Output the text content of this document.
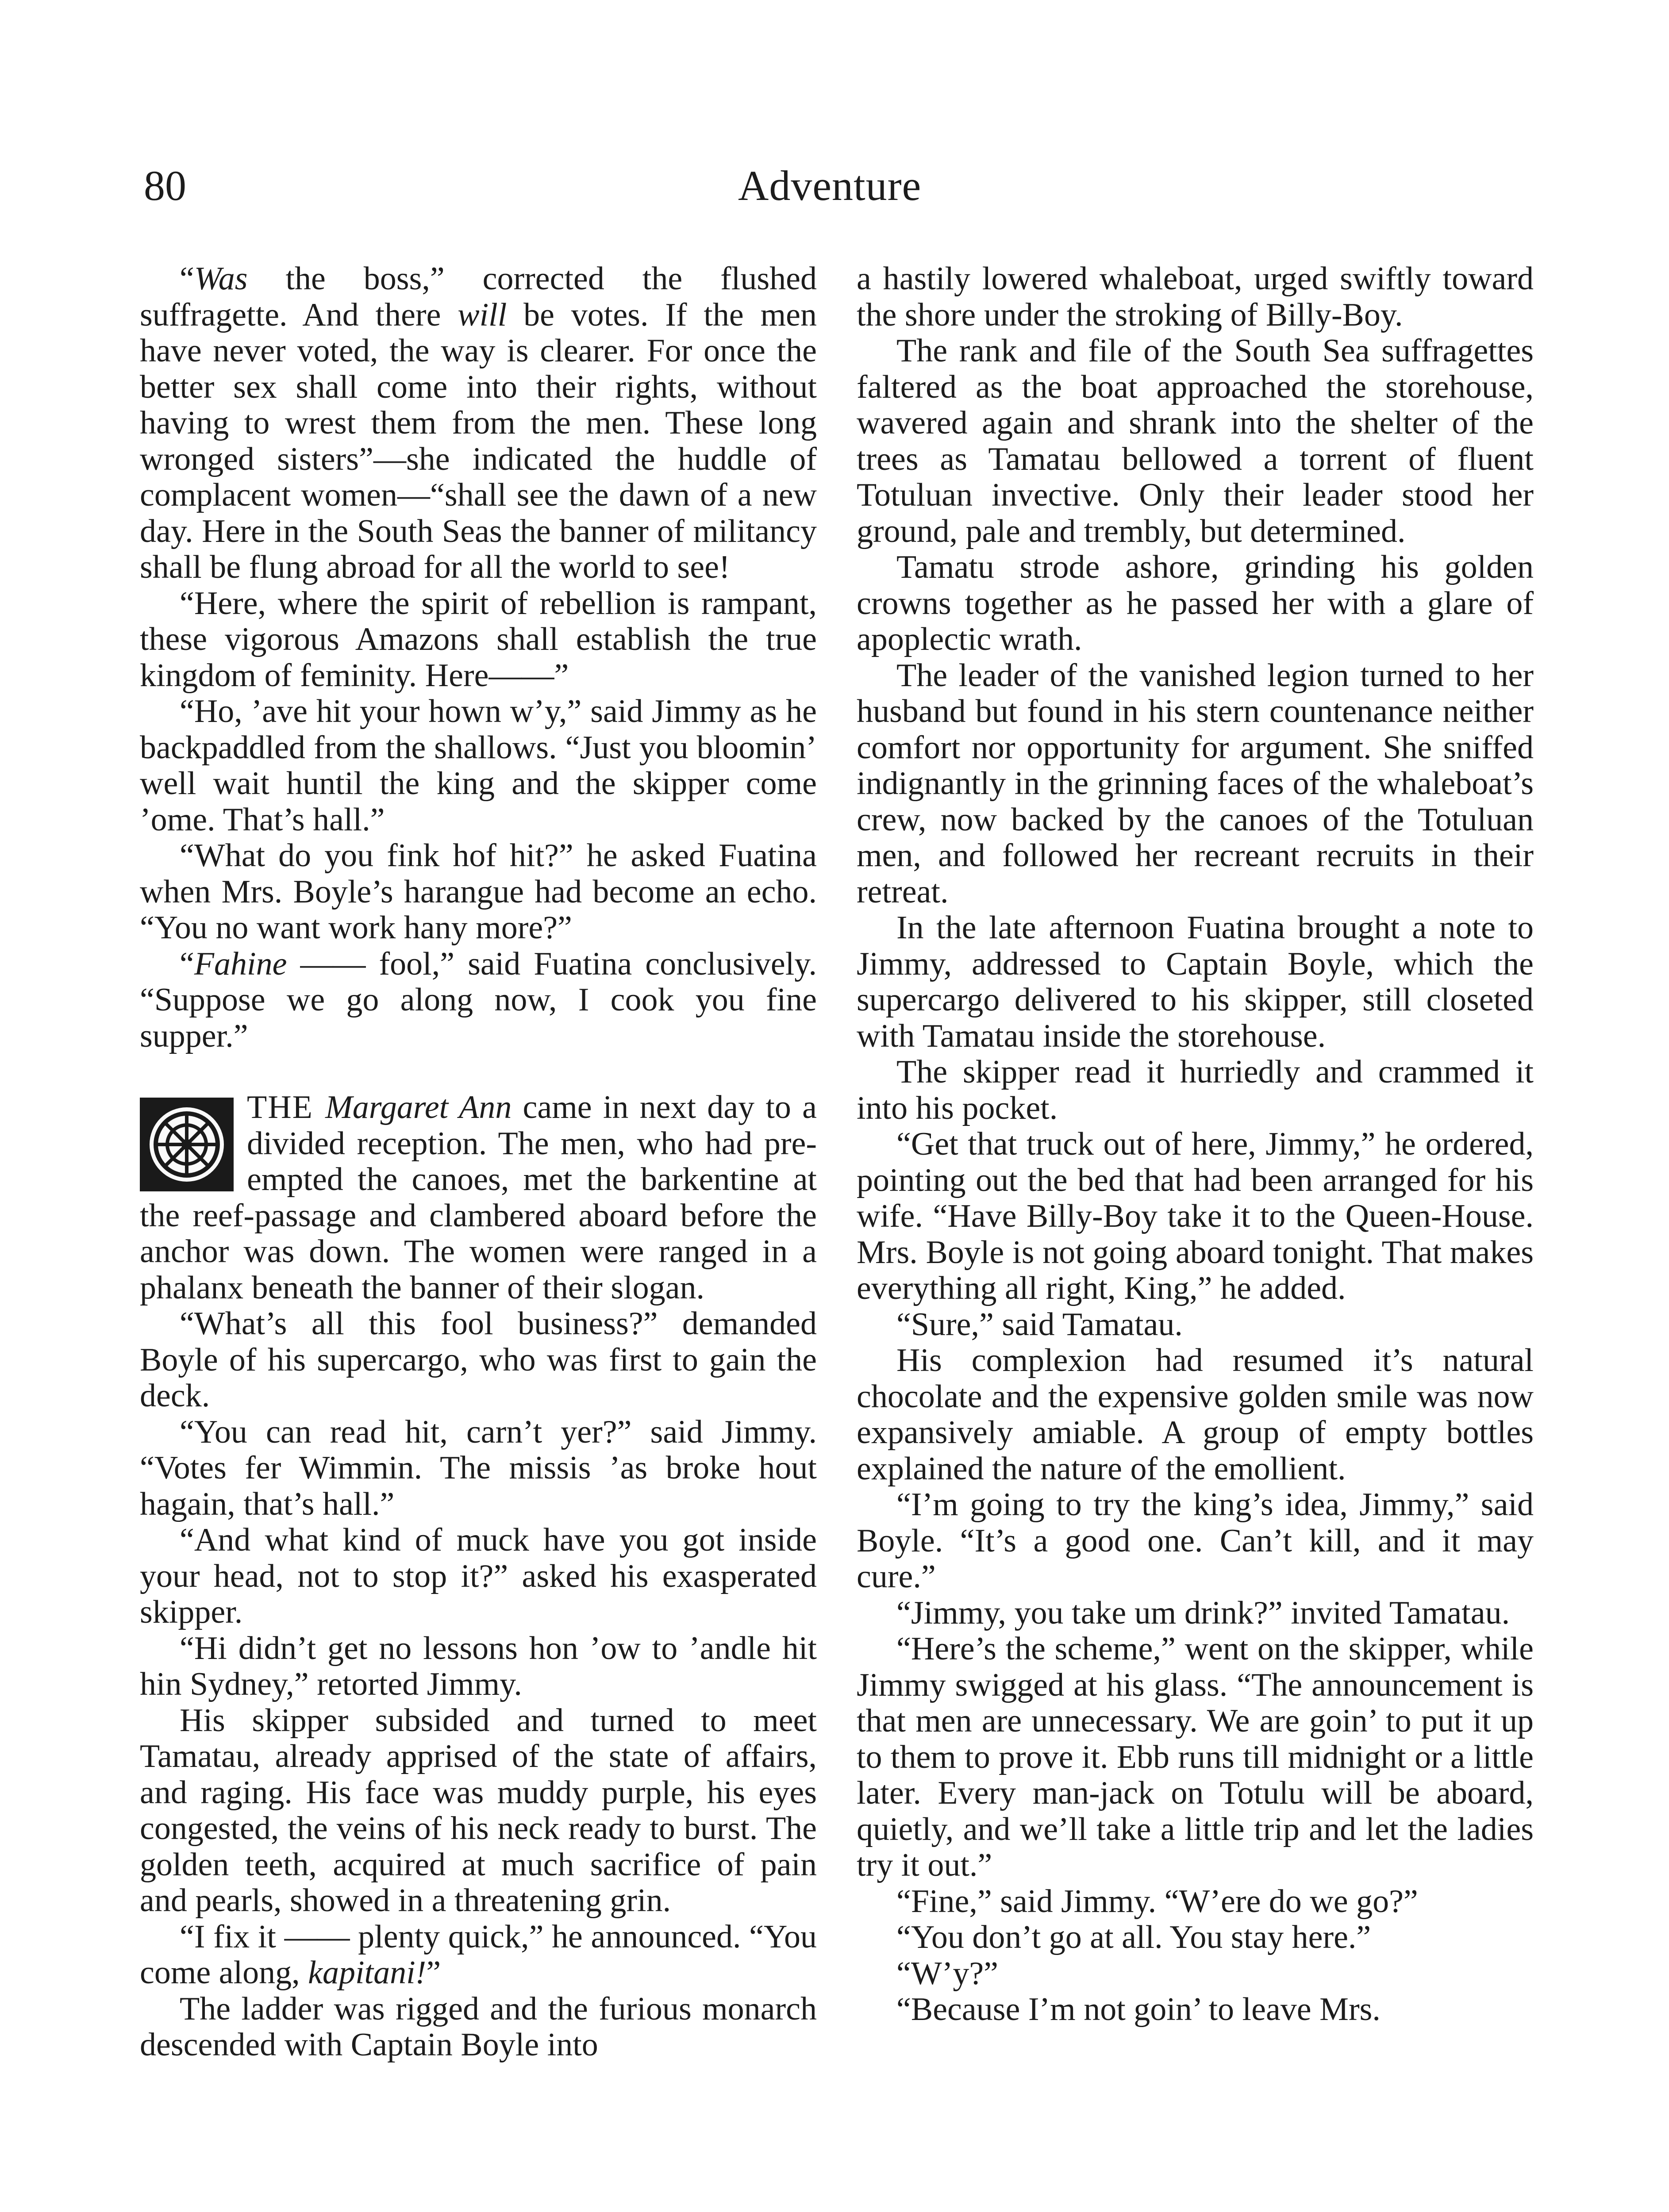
80	Adventure

“Was the boss,” corrected the flushed suffragette. And there will be votes. If the men have never voted, the way is clearer. For once the better sex shall come into their rights, without having to wrest them from the men. These long wronged sisters”—she indicated the huddle of complacent women—“shall see the dawn of a new day. Here in the South Seas the banner of militancy shall be flung abroad for all the world to see!

“Here, where the spirit of rebellion is rampant, these vigorous Amazons shall establish the true kingdom of feminity. Here——”

“Ho, ’ave hit your hown w’y,” said Jimmy as he backpaddled from the shallows. “Just you bloomin’ well wait huntil the king and the skipper come ’ome. That’s hall.”

“What do you fink hof hit?” he asked Fuatina when Mrs. Boyle’s harangue had become an echo. “You no want work hany more?”

“Fahine —— fool,” said Fuatina conclusively. “Suppose we go along now, I cook you fine supper.”

THE Margaret Ann came in next day to a divided reception. The men, who had pre-empted the canoes, met the barkentine at the reef-passage and clambered aboard before the anchor was down. The women were ranged in a phalanx beneath the banner of their slogan.

“What’s all this fool business?” demanded Boyle of his supercargo, who was first to gain the deck.

“You can read hit, carn’t yer?” said Jimmy. “Votes fer Wimmin. The missis ’as broke hout hagain, that’s hall.”

“And what kind of muck have you got inside your head, not to stop it?” asked his exasperated skipper.

“Hi didn’t get no lessons hon ’ow to ’andle hit hin Sydney,” retorted Jimmy.

His skipper subsided and turned to meet Tamatau, already apprised of the state of affairs, and raging. His face was muddy purple, his eyes congested, the veins of his neck ready to burst. The golden teeth, acquired at much sacrifice of pain and pearls, showed in a threatening grin.

“I fix it —— plenty quick,” he announced. “You come along, kapitani!”

The ladder was rigged and the furious monarch descended with Captain Boyle into

a hastily lowered whaleboat, urged swiftly toward the shore under the stroking of Billy-Boy.

The rank and file of the South Sea suffragettes faltered as the boat approached the storehouse, wavered again and shrank into the shelter of the trees as Tamatau bellowed a torrent of fluent Totuluan invective. Only their leader stood her ground, pale and trembly, but determined.

Tamatu strode ashore, grinding his golden crowns together as he passed her with a glare of apoplectic wrath.

The leader of the vanished legion turned to her husband but found in his stern countenance neither comfort nor opportunity for argument. She sniffed indignantly in the grinning faces of the whaleboat’s crew, now backed by the canoes of the Totuluan men, and followed her recreant recruits in their retreat.

In the late afternoon Fuatina brought a note to Jimmy, addressed to Captain Boyle, which the supercargo delivered to his skipper, still closeted with Tamatau inside the storehouse.

The skipper read it hurriedly and crammed it into his pocket.

“Get that truck out of here, Jimmy,” he ordered, pointing out the bed that had been arranged for his wife. “Have Billy-Boy take it to the Queen-House. Mrs. Boyle is not going aboard tonight. That makes everything all right, King,” he added.

“Sure,” said Tamatau.

His complexion had resumed it’s natural chocolate and the expensive golden smile was now expansively amiable. A group of empty bottles explained the nature of the emollient.

“I’m going to try the king’s idea, Jimmy,” said Boyle. “It’s a good one. Can’t kill, and it may cure.”

“Jimmy, you take um drink?” invited Tamatau.

“Here’s the scheme,” went on the skipper, while Jimmy swigged at his glass. “The announcement is that men are unnecessary. We are goin’ to put it up to them to prove it. Ebb runs till midnight or a little later. Every man-jack on Totulu will be aboard, quietly, and we’ll take a little trip and let the ladies try it out.”

“Fine,” said Jimmy. “W’ere do we go?”

“You don’t go at all. You stay here.”

“W’y?”

“Because I’m not goin’ to leave Mrs.
